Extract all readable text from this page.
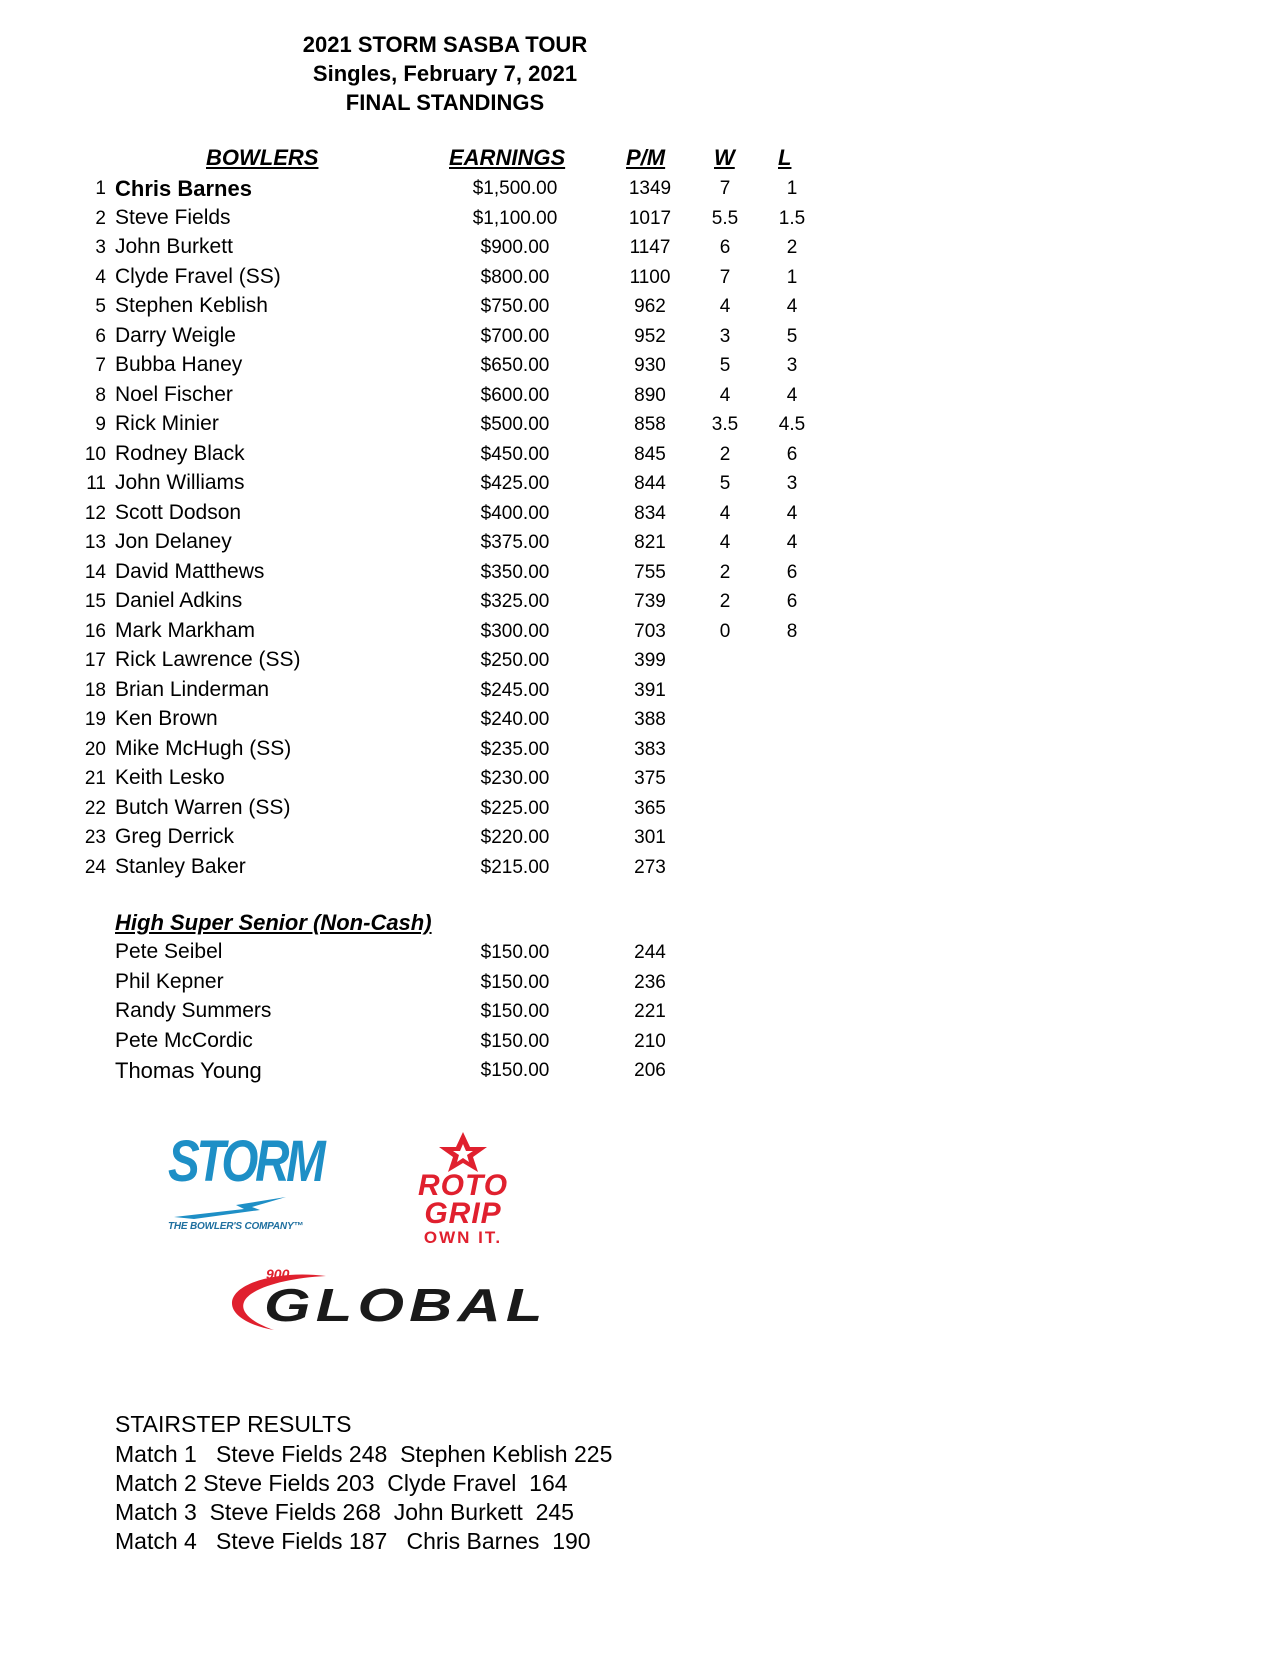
2021 STORM SASBA TOUR
Singles, February 7, 2021
FINAL STANDINGS
BOWLERS	EARNINGS	P/M W L
1 Chris Barnes	$1,500.00	1349	7	1
2 Steve Fields	$1,100.00	1017	5.5	1.5
3 John Burkett	$900.00	1147	6	2
4 Clyde Fravel (SS)	$800.00	1100	7	1
5 Stephen Keblish	$750.00	962	4	4
6 Darry Weigle	$700.00	952	3	5
7 Bubba Haney	$650.00	930	5	3
8 Noel Fischer	$600.00	890	4	4
9 Rick Minier	$500.00	858	3.5	4.5
10 Rodney Black	$450.00	845	2	6
11 John Williams	$425.00	844	5	3
12 Scott Dodson	$400.00	834	4	4
13 Jon Delaney	$375.00	821	4	4
14 David Matthews	$350.00	755	2	6
15 Daniel Adkins	$325.00	739	2	6
16 Mark Markham	$300.00	703	0	8
17 Rick Lawrence (SS)	$250.00	399
18 Brian Linderman	$245.00	391
19 Ken Brown	$240.00	388
20 Mike McHugh (SS)	$235.00	383
21 Keith Lesko	$230.00	375
22 Butch Warren (SS)	$225.00	365
23 Greg Derrick	$220.00	301
24 Stanley Baker	$215.00	273
High Super Senior (Non-Cash)
Pete Seibel	$150.00	244
Phil Kepner	$150.00	236
Randy Summers	$150.00	221
Pete McCordic	$150.00	210
Thomas Young	$150.00	206
STORM
THE BOWLER'S COMPANY™
ROTO
GRIP
OWN IT.
900
GLOBAL
STAIRSTEP RESULTS
Match 1   Steve Fields 248  Stephen Keblish 225
Match 2 Steve Fields 203  Clyde Fravel  164
Match 3  Steve Fields 268  John Burkett  245
Match 4   Steve Fields 187   Chris Barnes  190
